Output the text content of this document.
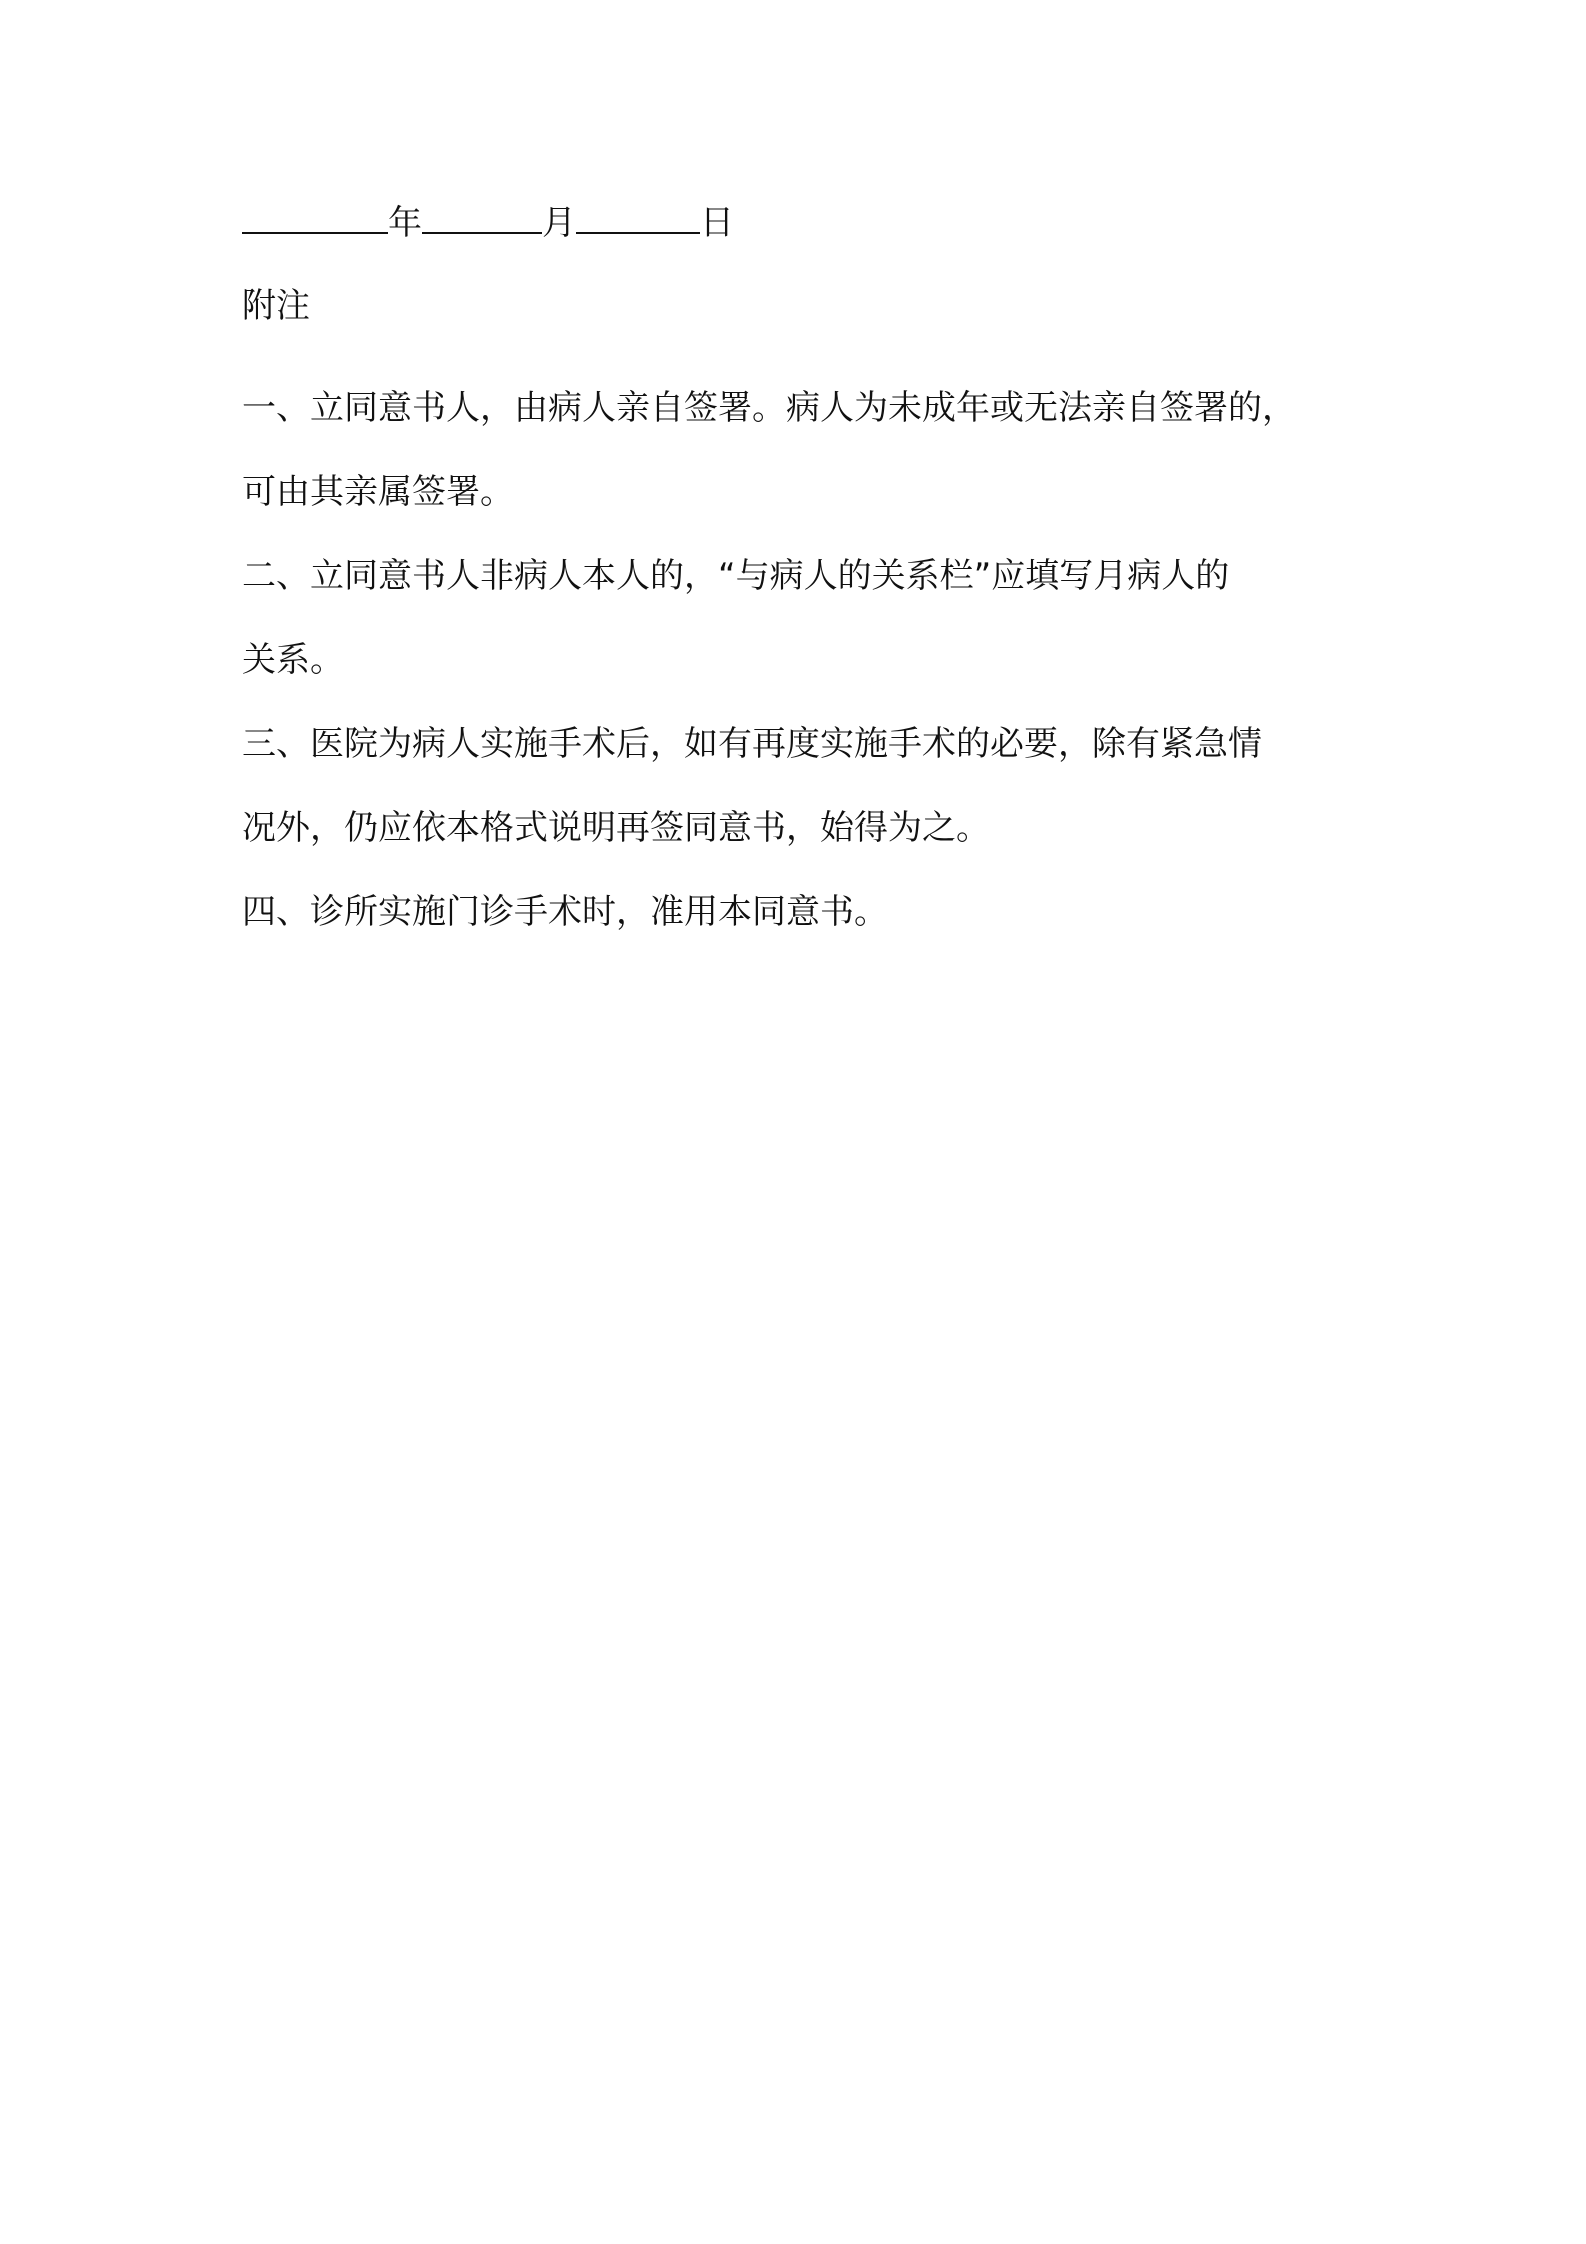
年	月	日

附注

一、立同意书人，由病人亲自签署。病人为未成年或无法亲自签署的，
可由其亲属签署。

二、立同意书人非病人本人的，“与病人的关系栏”应填写月病人的
关系。

三、医院为病人实施手术后，如有再度实施手术的必要，除有紧急情
况外，仍应依本格式说明再签同意书，始得为之。

四、诊所实施门诊手术时，准用本同意书。
